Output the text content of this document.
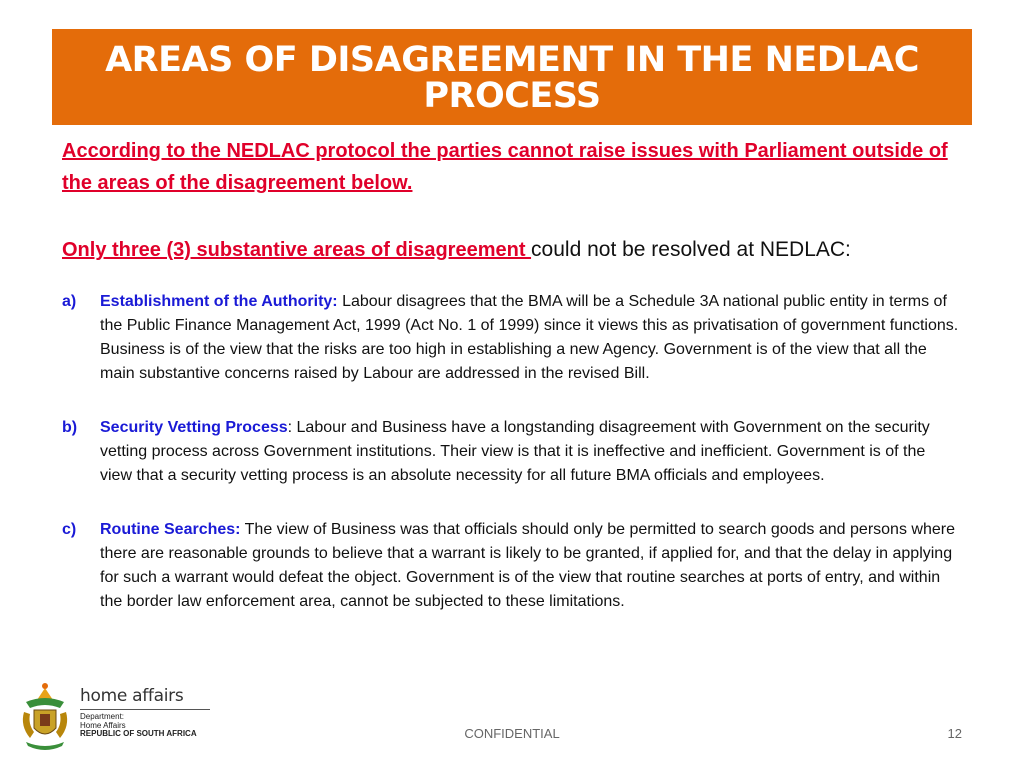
AREAS OF DISAGREEMENT IN THE NEDLAC PROCESS
According to the NEDLAC protocol the parties cannot raise issues with Parliament outside of the areas of the disagreement below.
Only three (3) substantive areas of disagreement could not be resolved at NEDLAC:
a)	Establishment of the Authority: Labour disagrees that the BMA will be a Schedule 3A national public entity in terms of the Public Finance Management Act, 1999 (Act No. 1 of 1999) since it views this as privatisation of government functions. Business is of the view that the risks are too high in establishing a new Agency. Government is of the view that all the main substantive concerns raised by Labour are addressed in the revised Bill.
b)	Security Vetting Process: Labour and Business have a longstanding disagreement with Government on the security vetting process across Government institutions. Their view is that it is ineffective and inefficient. Government is of the view that a security vetting process is an absolute necessity for all future BMA officials and employees.
c)	Routine Searches: The view of Business was that officials should only be permitted to search goods and persons where there are reasonable grounds to believe that a warrant is likely to be granted, if applied for, and that the delay in applying for such a warrant would defeat the object. Government is of the view that routine searches at ports of entry, and within the border law enforcement area, cannot be subjected to these limitations.
home affairs
Department:
Home Affairs
REPUBLIC OF SOUTH AFRICA	CONFIDENTIAL	12
